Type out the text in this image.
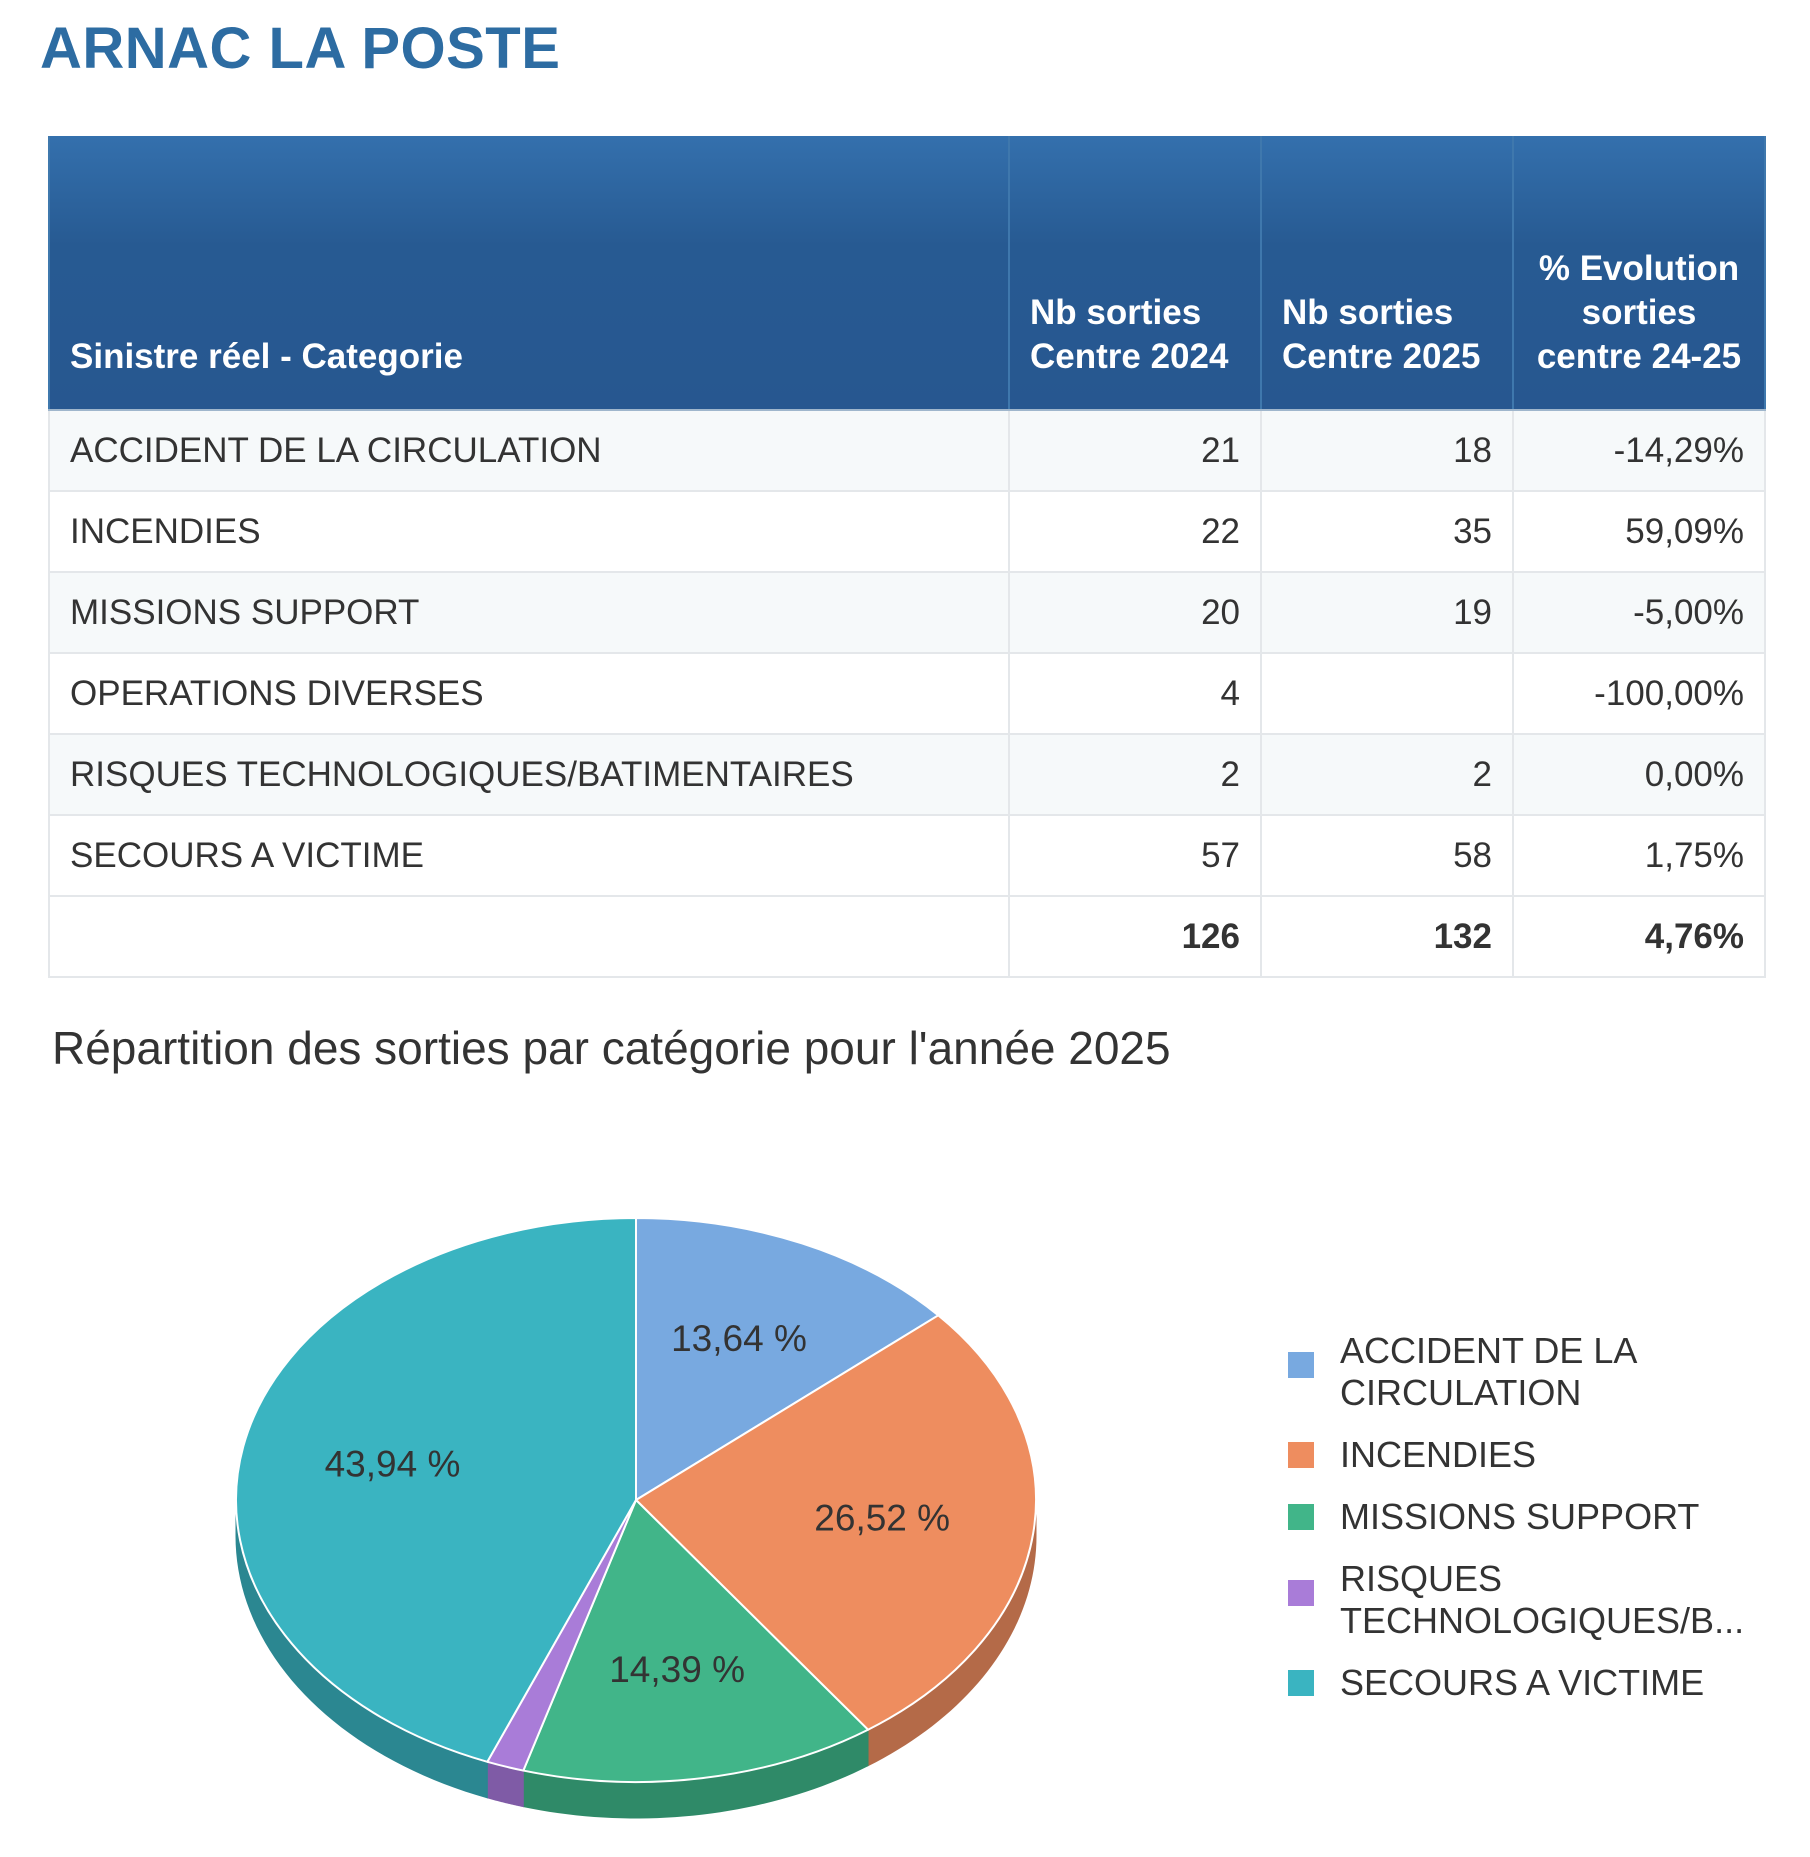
ARNAC LA POSTE
Sinistre réel - Categorie	Nb sorties Centre 2024	Nb sorties Centre 2025	% Evolution sorties centre 24-25

ACCIDENT DE LA CIRCULATION	21	18	-14,29%
INCENDIES	22	35	59,09%
MISSIONS SUPPORT	20	19	-5,00%
OPERATIONS DIVERSES	4		-100,00%
RISQUES TECHNOLOGIQUES/BATIMENTAIRES	2	2	0,00%
SECOURS A VICTIME	57	58	1,75%
	126	132	4,76%
Répartition des sorties par catégorie pour l'année 2025
13,64 %
26,52 %
14,39 %
43,94 %
ACCIDENT DE LA CIRCULATION
INCENDIES
MISSIONS SUPPORT
RISQUES TECHNOLOGIQUES/B...
SECOURS A VICTIME
